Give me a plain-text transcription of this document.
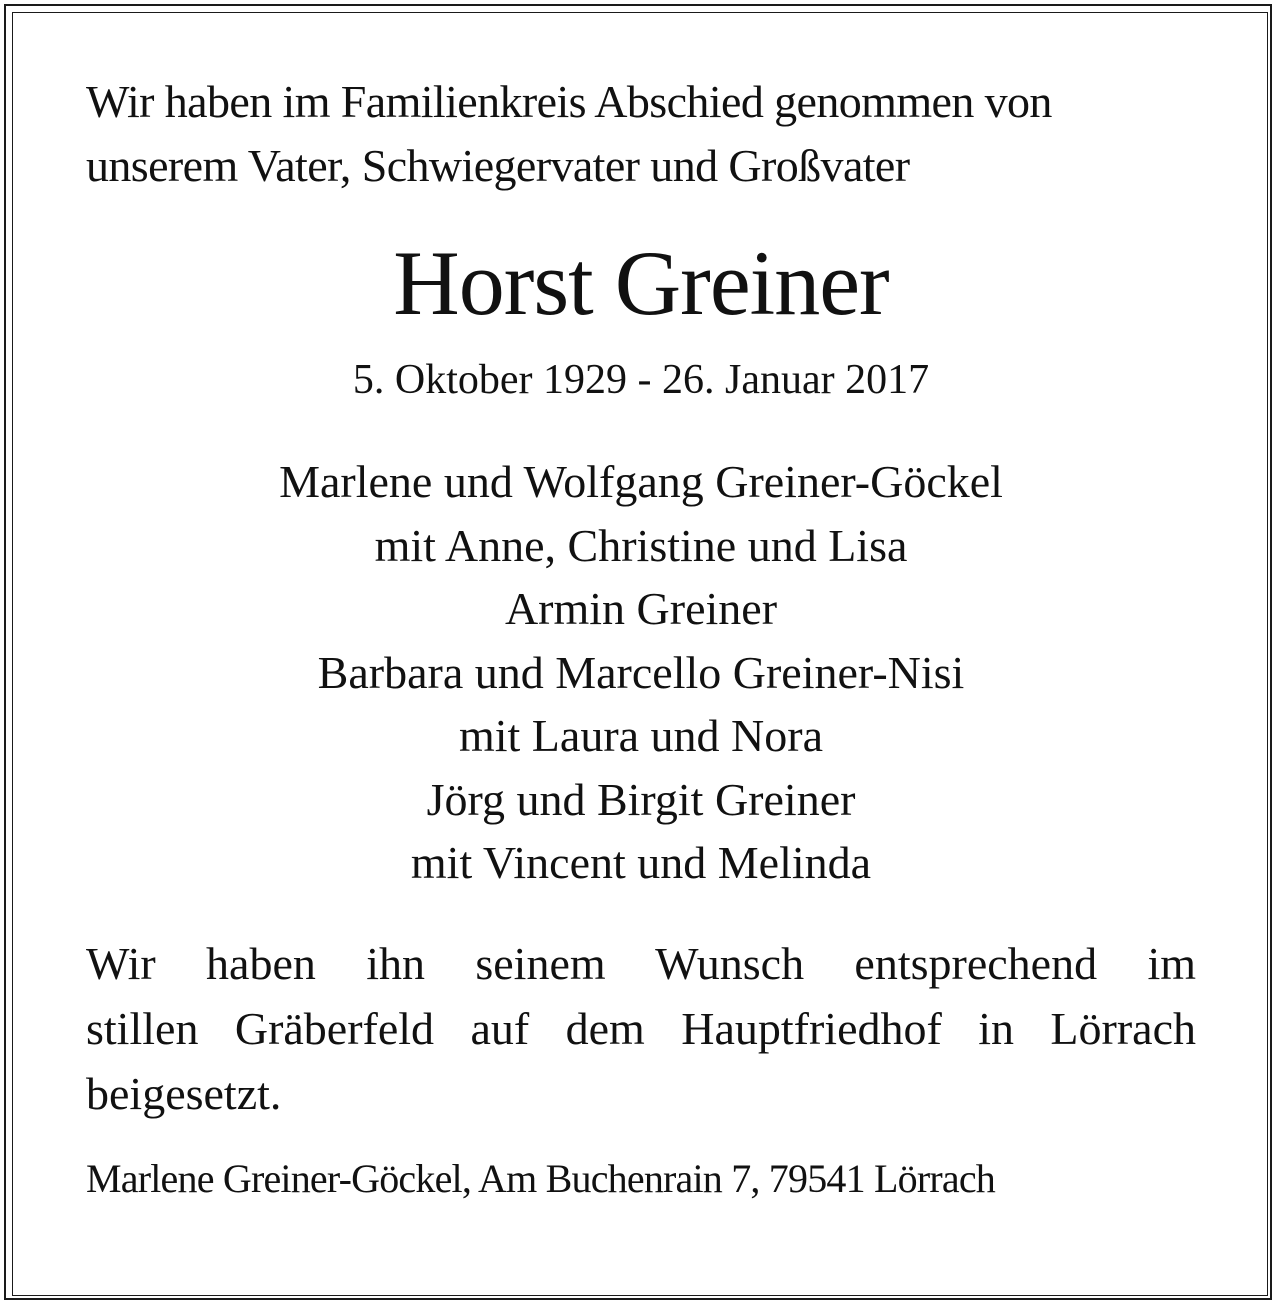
Wir haben im Familienkreis Abschied genommen von
unserem Vater, Schwiegervater und Großvater

Horst Greiner

5. Oktober 1929 - 26. Januar 2017

Marlene und Wolfgang Greiner-Göckel
mit Anne, Christine und Lisa
Armin Greiner
Barbara und Marcello Greiner-Nisi
mit Laura und Nora
Jörg und Birgit Greiner
mit Vincent und Melinda

Wir haben ihn seinem Wunsch entsprechend im
stillen Gräberfeld auf dem Hauptfriedhof in Lörrach
beigesetzt.

Marlene Greiner-Göckel, Am Buchenrain 7, 79541 Lörrach
